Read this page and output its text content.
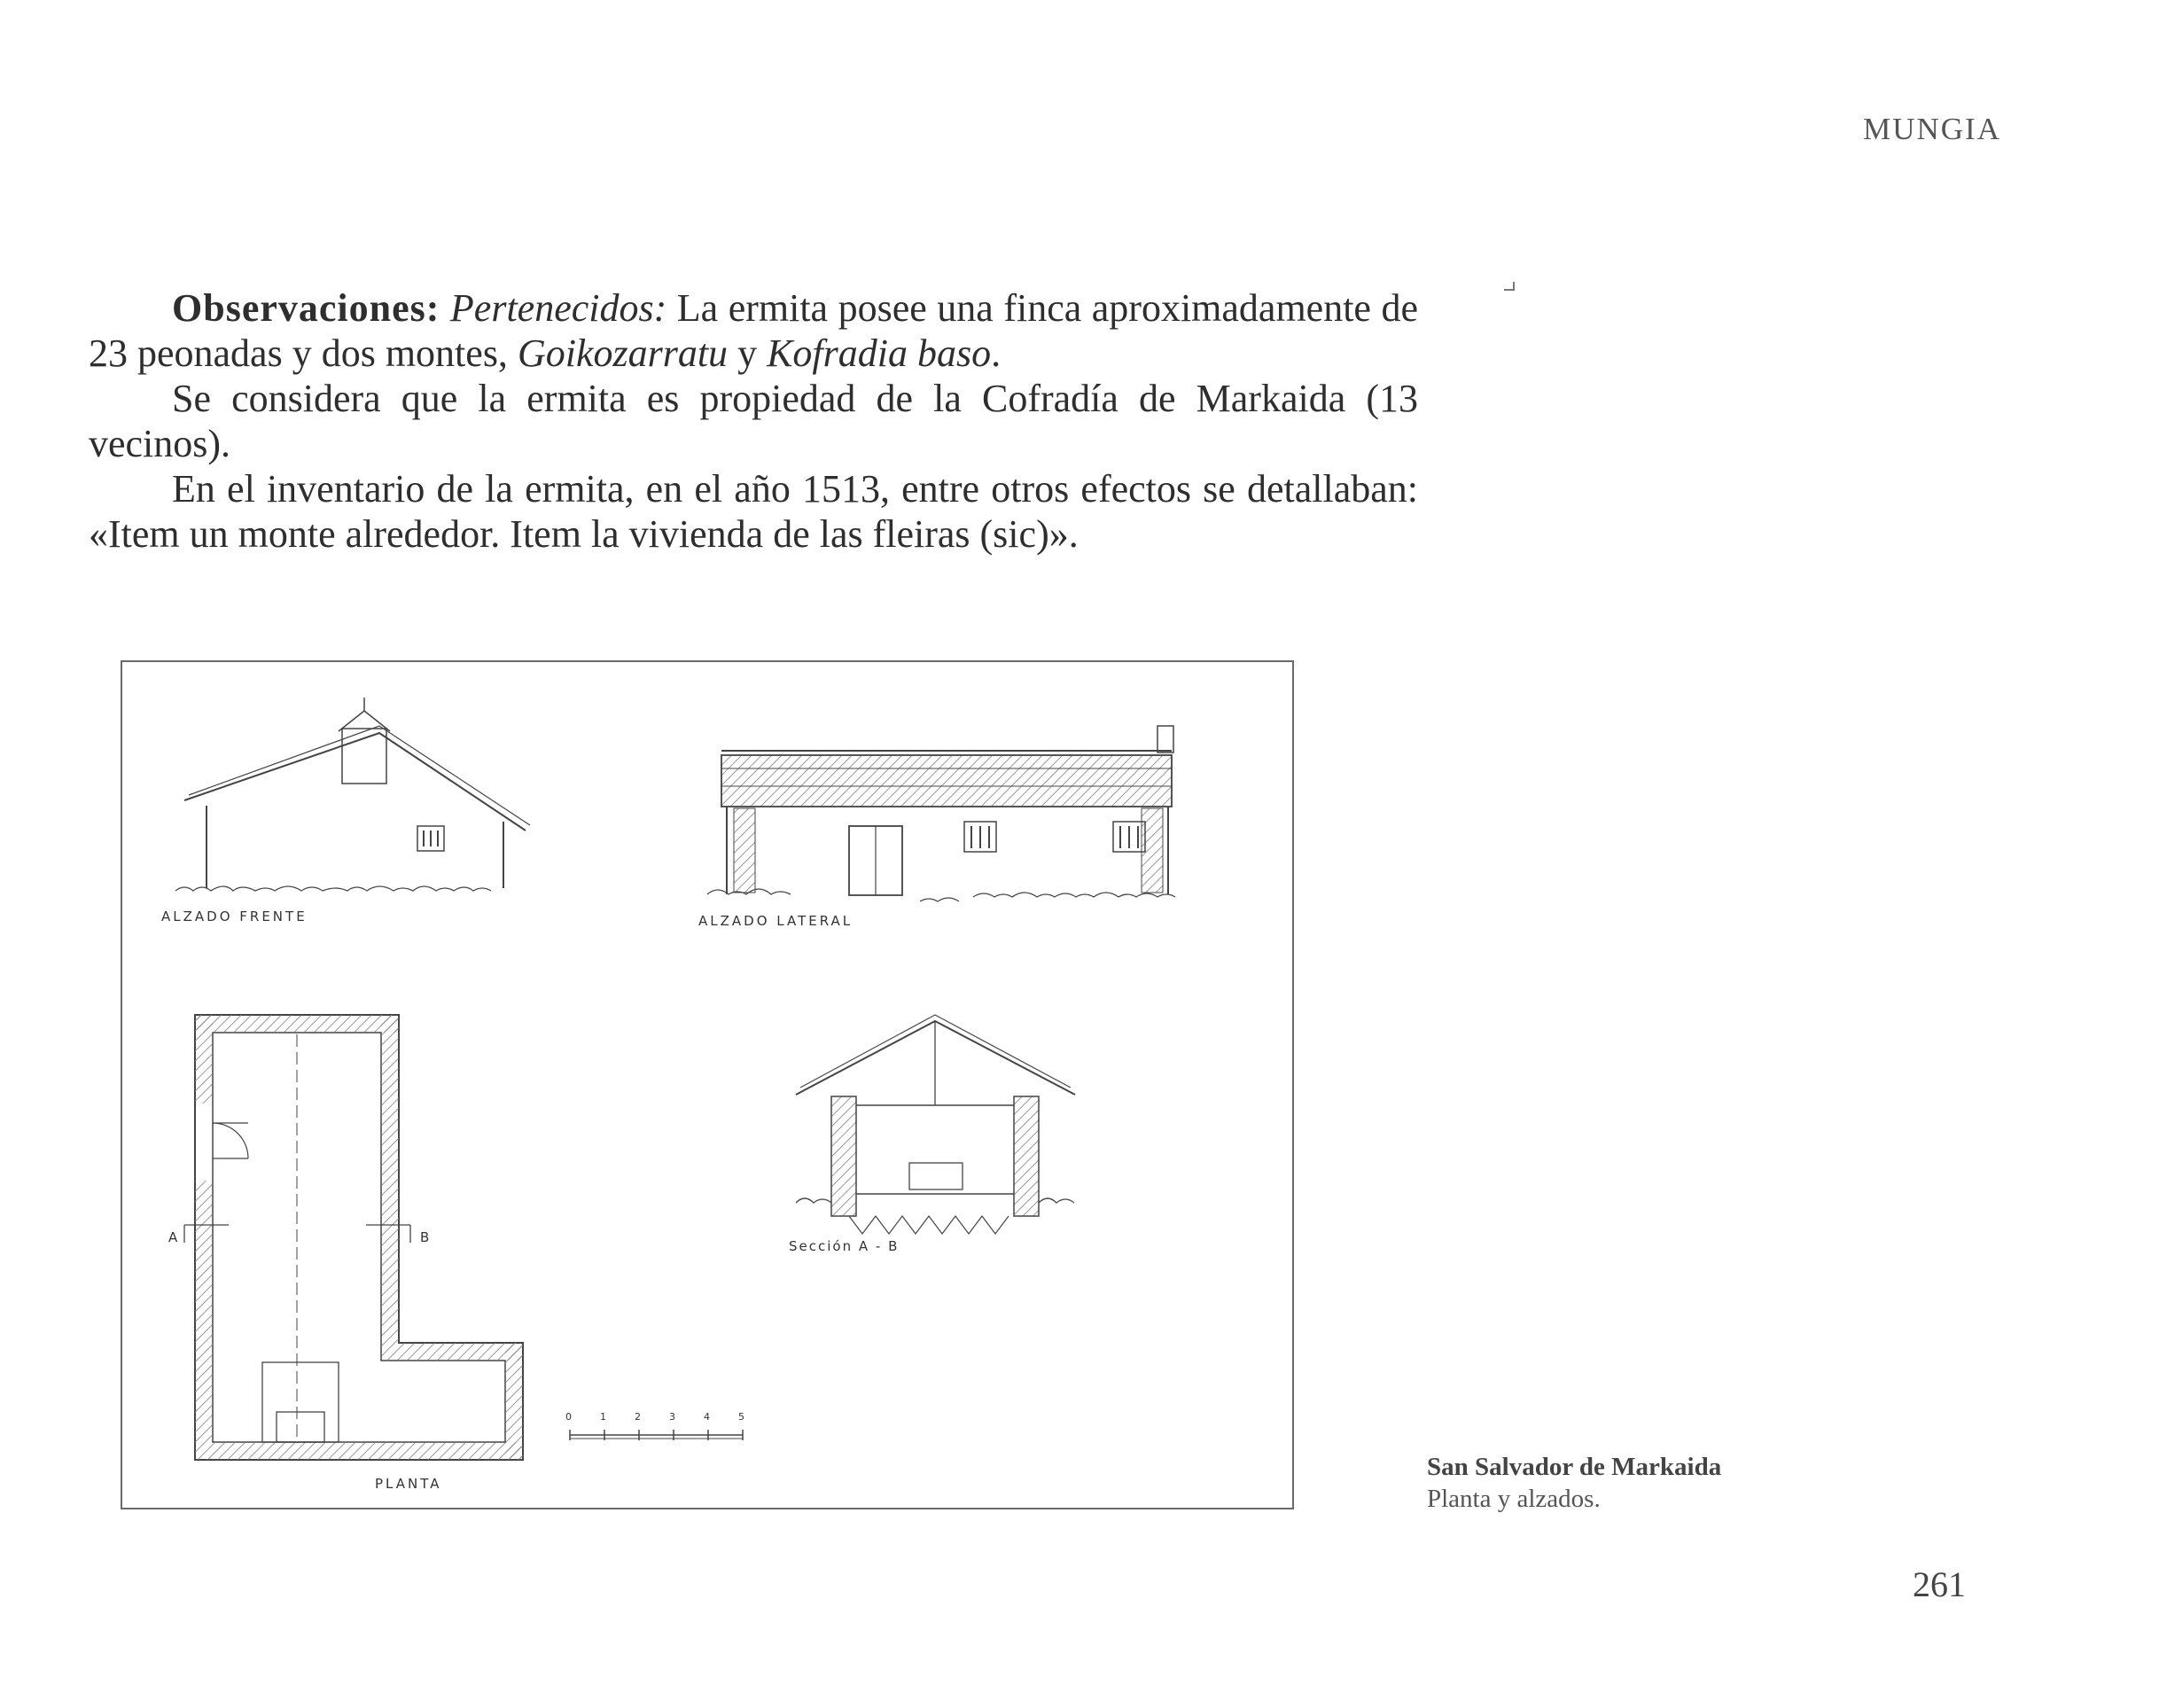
MUNGIA

Observaciones: Pertenecidos: La ermita posee una finca aproximadamente de 23 peonadas y dos montes, Goikozarratu y Kofradia baso.

Se considera que la ermita es propiedad de la Cofradía de Markaida (13 vecinos).

En el inventario de la ermita, en el año 1513, entre otros efectos se detallaban: «Item un monte alrededor. Item la vivienda de las fleiras (sic)».

ALZADO FRENTE	ALZADO LATERAL
PLANTA
Sección A - B
A	B
0	1	2	3	4	5
San Salvador de Markaida
Planta y alzados.
261
